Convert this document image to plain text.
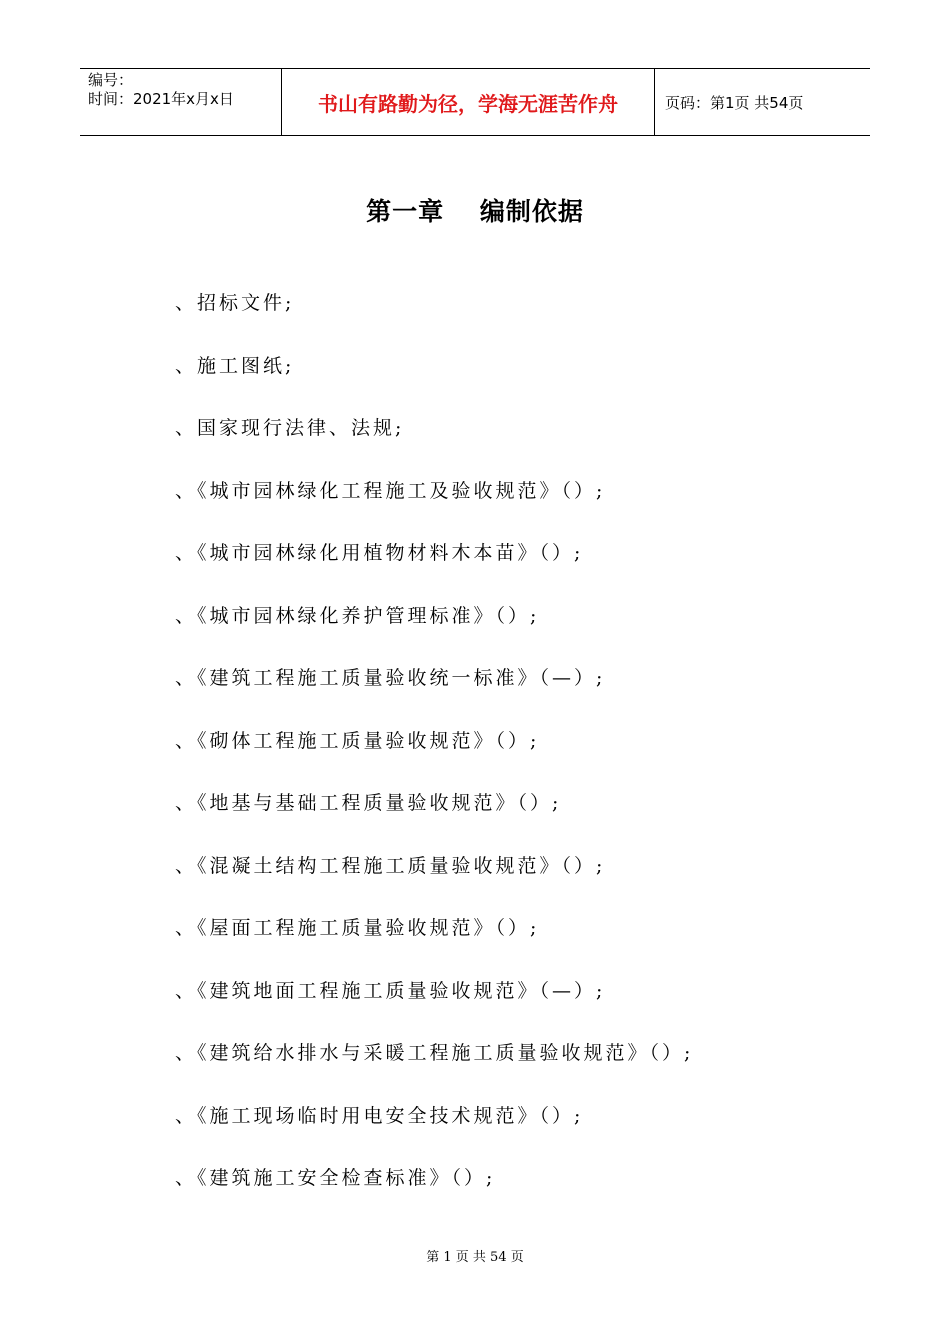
编号：
时间：2021年x月x日	书山有路勤为径，学海无涯苦作舟	页码：第1页 共54页
第一章　 编制依据
、招标文件;
、施工图纸;
、国家现行法律、法规;
、《城市园林绿化工程施工及验收规范》（）;
、《城市园林绿化用植物材料木本苗》（）;
、《城市园林绿化养护管理标准》（）;
、《建筑工程施工质量验收统一标准》（—）;
、《砌体工程施工质量验收规范》（）;
、《地基与基础工程质量验收规范》（）;
、《混凝土结构工程施工质量验收规范》（）;
、《屋面工程施工质量验收规范》（）;
、《建筑地面工程施工质量验收规范》（—）;
、《建筑给水排水与采暖工程施工质量验收规范》（）;
、《施工现场临时用电安全技术规范》（）;
、《建筑施工安全检查标准》（）;
第 1 页 共 54 页
